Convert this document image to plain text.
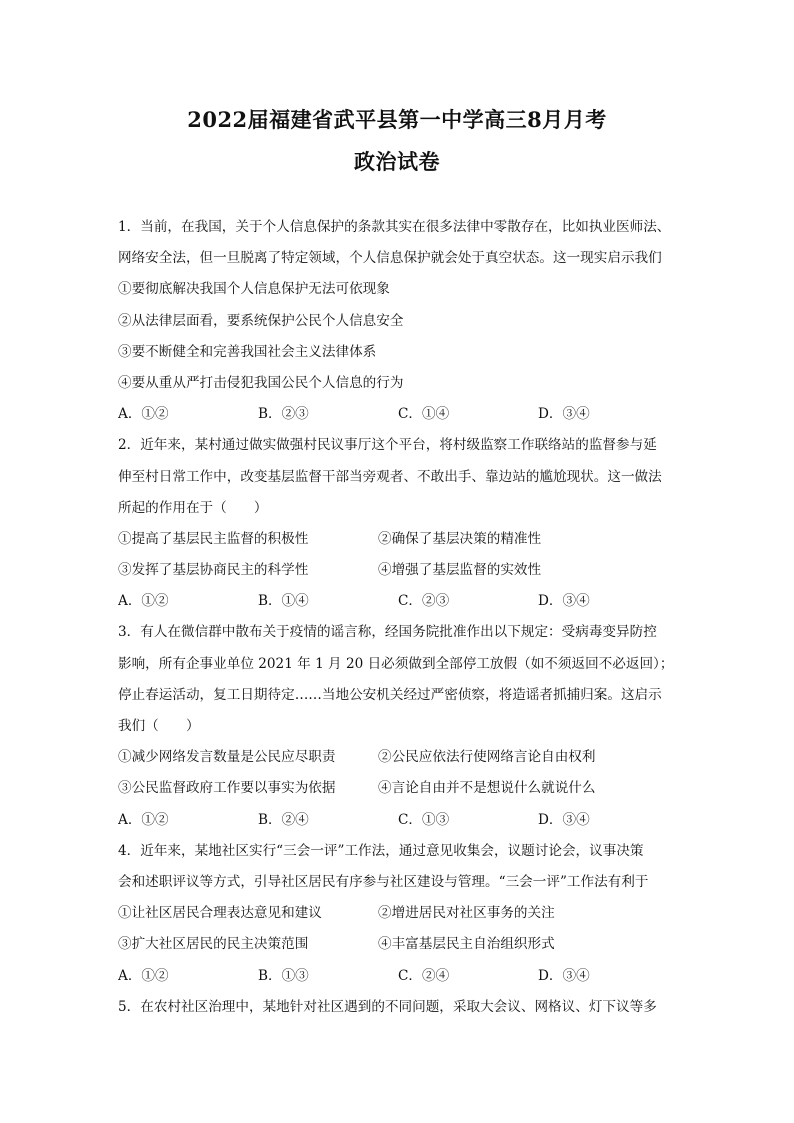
2022届福建省武平县第一中学高三8月月考
政治试卷
1．当前，在我国，关于个人信息保护的条款其实在很多法律中零散存在，比如执业医师法、
网络安全法，但一旦脱离了特定领域，个人信息保护就会处于真空状态。这一现实启示我们
①要彻底解决我国个人信息保护无法可依现象
②从法律层面看，要系统保护公民个人信息安全
③要不断健全和完善我国社会主义法律体系
④要从重从严打击侵犯我国公民个人信息的行为
A．①②	B．②③	C．①④	D．③④
2．近年来，某村通过做实做强村民议事厅这个平台，将村级监察工作联络站的监督参与延
伸至村日常工作中，改变基层监督干部当旁观者、不敢出手、靠边站的尴尬现状。这一做法
所起的作用在于（　　）
①提高了基层民主监督的积极性	②确保了基层决策的精准性
③发挥了基层协商民主的科学性	④增强了基层监督的实效性
A．①②	B．①④	C．②③	D．③④
3．有人在微信群中散布关于疫情的谣言称，经国务院批准作出以下规定：受病毒变异防控
影响，所有企事业单位 2021 年 1 月 20 日必须做到全部停工放假（如不须返回不必返回）；
停止春运活动，复工日期待定……当地公安机关经过严密侦察，将造谣者抓捕归案。这启示
我们（　　）
①减少网络发言数量是公民应尽职责	②公民应依法行使网络言论自由权利
③公民监督政府工作要以事实为依据	④言论自由并不是想说什么就说什么
A．①②	B．②④	C．①③	D．③④
4．近年来，某地社区实行“三会一评”工作法，通过意见收集会，议题讨论会，议事决策
会和述职评议等方式，引导社区居民有序参与社区建设与管理。“三会一评”工作法有利于
①让社区居民合理表达意见和建议	②增进居民对社区事务的关注
③扩大社区居民的民主决策范围	④丰富基层民主自治组织形式
A．①②	B．①③	C．②④	D．③④
5．在农村社区治理中，某地针对社区遇到的不同问题，采取大会议、网格议、灯下议等多
